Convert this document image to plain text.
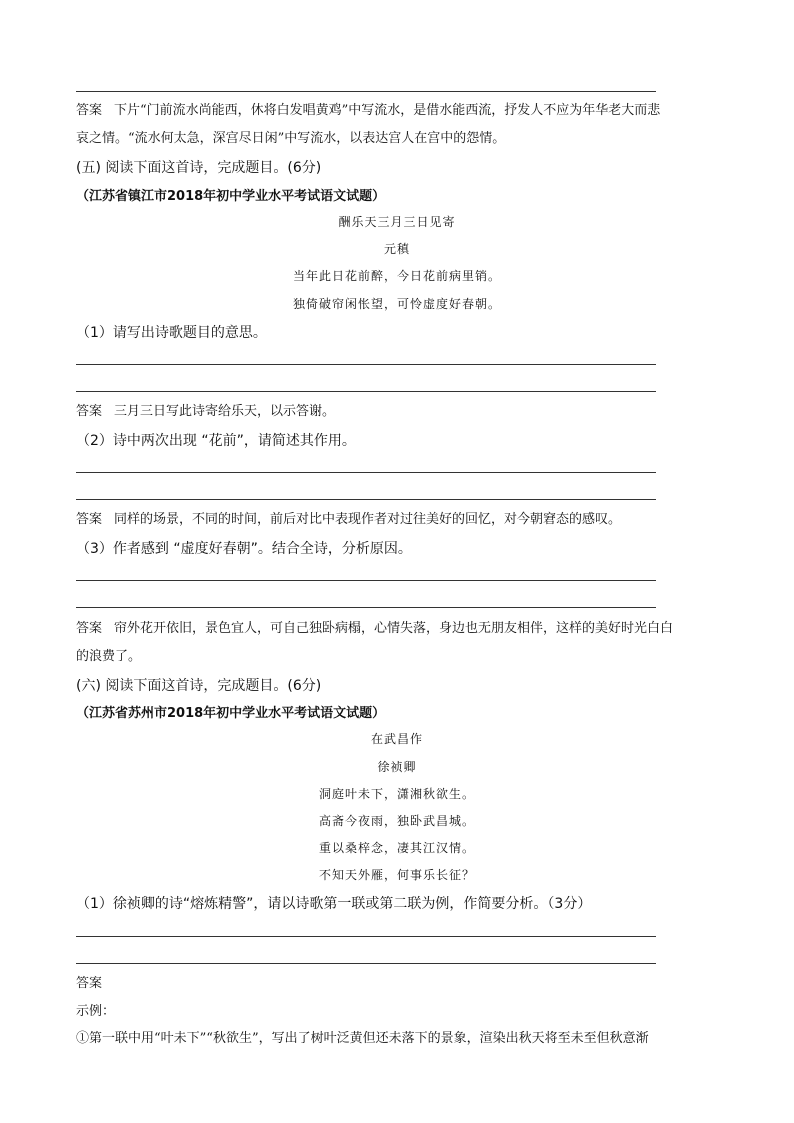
答案 下片“门前流水尚能西，休将白发唱黄鸡”中写流水，是借水能西流，抒发人不应为年华老大而悲
哀之情。“流水何太急，深宫尽日闲”中写流水，以表达宫人在宫中的怨情。
(五) 阅读下面这首诗，完成题目。(6分)
（江苏省镇江市2018年初中学业水平考试语文试题）
酬乐天三月三日见寄
元稹
当年此日花前醉，今日花前病里销。
独倚破帘闲怅望，可怜虚度好春朝。
（1）请写出诗歌题目的意思。
答案 三月三日写此诗寄给乐天，以示答谢。
（2）诗中两次出现 “花前”，请简述其作用。
答案 同样的场景，不同的时间，前后对比中表现作者对过往美好的回忆，对今朝窘态的感叹。
（3）作者感到 “虚度好春朝”。结合全诗，分析原因。
答案 帘外花开依旧，景色宜人，可自己独卧病榻，心情失落，身边也无朋友相伴，这样的美好时光白白
的浪费了。
(六) 阅读下面这首诗，完成题目。(6分)
（江苏省苏州市2018年初中学业水平考试语文试题）
在武昌作
徐祯卿
洞庭叶未下，潇湘秋欲生。
高斋今夜雨，独卧武昌城。
重以桑梓念，凄其江汉情。
不知天外雁，何事乐长征？
（1）徐祯卿的诗“熔炼精警”，请以诗歌第一联或第二联为例，作简要分析。（3分）
答案
示例：
①第一联中用“叶未下”“秋欲生”，写出了树叶泛黄但还未落下的景象，渲染出秋天将至未至但秋意渐
